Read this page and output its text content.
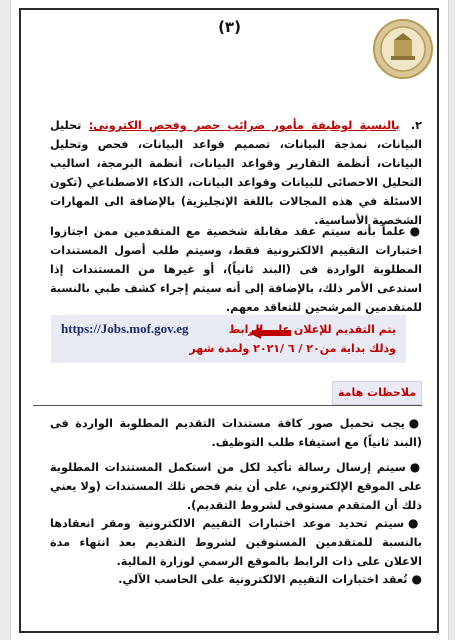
(٣)
٢. بالنسبة لوظيفة مأمور ضرائب حصر وفحص الكترونى: تحليل البيانات، نمذجة البيانات، تصميم قواعد البيانات، فحص وتحليل البيانات، أنظمة التقارير وقواعد البيانات، أنظمة البرمجة، اساليب التحليل الاحصائى للبيانات وقواعد البيانات، الذكاء الاصطناعي (تكون الاسئلة في هذه المجالات باللغة الإنجليزية) بالإضافة الى المهارات الشخصية الأساسية.
●علماً بأنه سيتم عقد مقابلة شخصية مع المتقدمين ممن اجتازوا اختبارات التقييم الالكترونية فقط، وسيتم طلب أصول المستندات المطلوبة الواردة فى (البند ثانياً)، أو غيرها من المستندات إذا استدعى الأمر ذلك، بالإضافة إلى أنه سيتم إجراء كشف طبي بالنسبة للمتقدمين المرشحين للتعاقد معهم.
https://Jobs.mof.gov.eg	يتم التقديم للإعلان على الرابط
وذلك بداية من٢٠ / ٦ /٢٠٢١ ولمدة شهر
ملاحظات هامة
●يجب تحميل صور كافة مستندات التقديم المطلوبة الواردة فى (البند ثانياً) مع استيفاء طلب التوظيف.
●سيتم إرسال رسالة تأكيد لكل من استكمل المستندات المطلوبة على الموقع الإلكتروني، على أن يتم فحص تلك المستندات (ولا يعني ذلك أن المتقدم مستوفى لشروط التقديم).
●سيتم تحديد موعد اختبارات التقييم الالكترونية ومقر انعقادها بالنسبة للمتقدمين المستوفين لشروط التقديم بعد انتهاء مدة الاعلان على ذات الرابط بالموقع الرسمي لوزارة المالية.
●تُعقد اختبارات التقييم الالكترونية على الحاسب الآلي.
